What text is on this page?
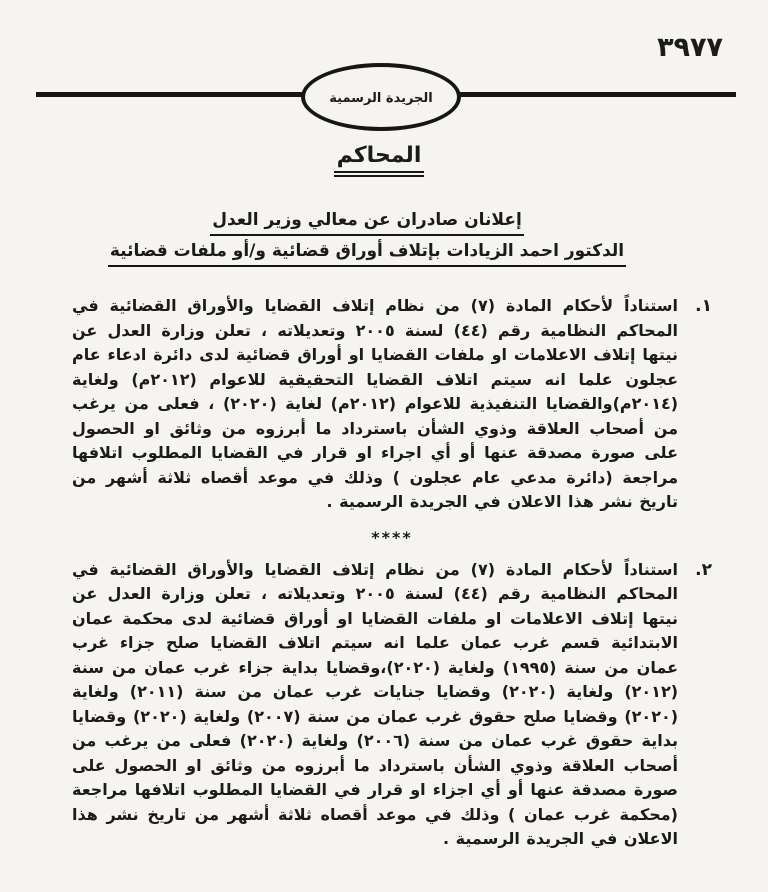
٣٩٧٧
الجريدة الرسمية
المحاكم
إعلانان صادران عن معالي وزير العدل
الدكتور احمد الزيادات بإتلاف أوراق قضائية و/أو ملفات قضائية
١.
استناداً لأحكام المادة (٧) من نظام إتلاف القضايا والأوراق القضائية في المحاكم النظامية رقم (٤٤) لسنة ٢٠٠٥ وتعديلاته ، تعلن وزارة العدل عن نيتها إتلاف الاعلامات او ملفات القضايا او أوراق قضائية لدى دائرة ادعاء عام عجلون علما انه سيتم اتلاف القضايا التحقيقية للاعوام (٢٠١٢م) ولغاية (٢٠١٤م)والقضايا التنفيذية للاعوام (٢٠١٢م) لغاية (٢٠٢٠) ، فعلى من يرغب من أصحاب العلاقة وذوي الشأن باسترداد ما أبرزوه من وثائق او الحصول على صورة مصدقة عنها أو أي اجراء او قرار في القضايا المطلوب اتلافها مراجعة (دائرة مدعي عام عجلون ) وذلك في موعد أقصاه ثلاثة أشهر من تاريخ نشر هذا الاعلان في الجريدة الرسمية .
****
٢.
استناداً لأحكام المادة (٧) من نظام إتلاف القضايا والأوراق القضائية في المحاكم النظامية رقم (٤٤) لسنة ٢٠٠٥ وتعديلاته ، تعلن وزارة العدل عن نيتها إتلاف الاعلامات او ملفات القضايا او أوراق قضائية لدى محكمة عمان الابتدائية قسم غرب عمان علما انه سيتم اتلاف القضايا صلح جزاء غرب عمان من سنة (١٩٩٥) ولغاية (٢٠٢٠)،وقضايا بداية جزاء غرب عمان من سنة (٢٠١٢) ولغاية (٢٠٢٠) وقضايا جنايات غرب عمان من سنة (٢٠١١) ولغاية (٢٠٢٠) وقضايا صلح حقوق غرب عمان من سنة (٢٠٠٧) ولغاية (٢٠٢٠) وقضايا بداية حقوق غرب عمان من سنة (٢٠٠٦) ولغاية (٢٠٢٠) فعلى من يرغب من أصحاب العلاقة وذوي الشأن باسترداد ما أبرزوه من وثائق او الحصول على صورة مصدقة عنها أو أي اجزاء او قرار في القضايا المطلوب اتلافها مراجعة (محكمة غرب عمان ) وذلك في موعد أقصاه ثلاثة أشهر من تاريخ نشر هذا الاعلان في الجريدة الرسمية .
